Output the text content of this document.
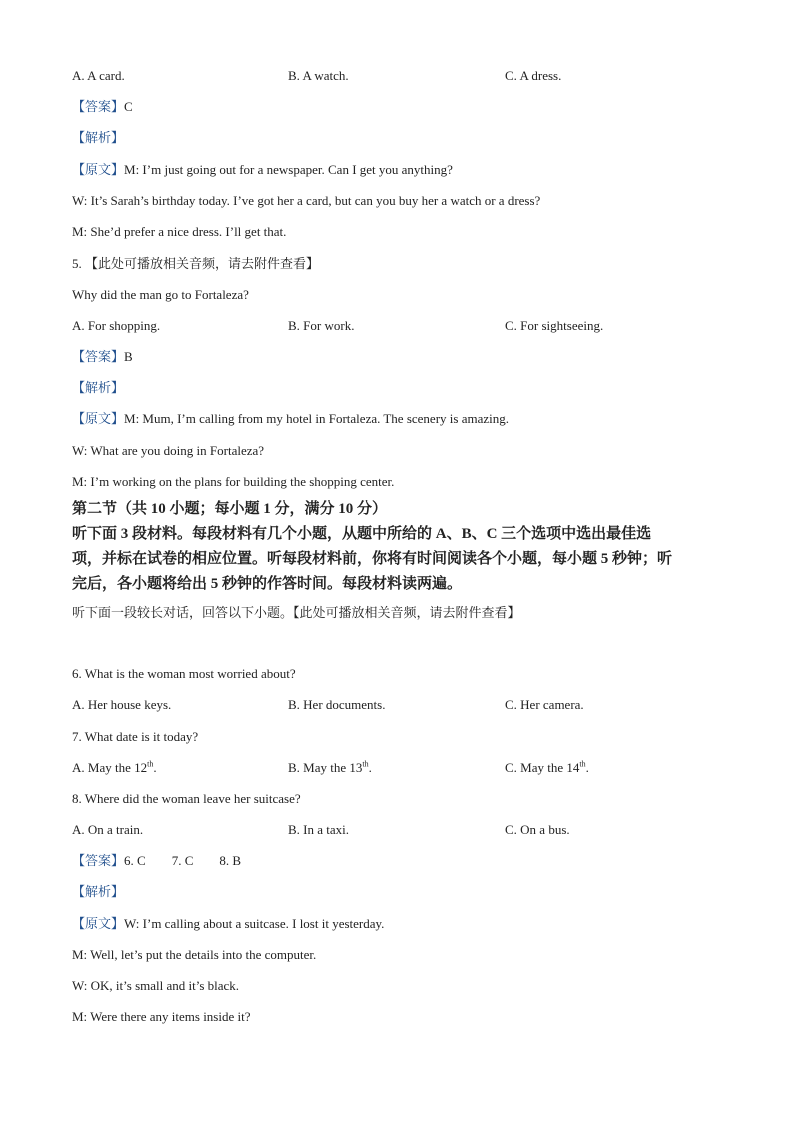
A. A card.	B. A watch.	C. A dress.
【答案】C
【解析】
【原文】M: I’m just going out for a newspaper. Can I get you anything?
W: It’s Sarah’s birthday today. I’ve got her a card, but can you buy her a watch or a dress?
M: She’d prefer a nice dress. I’ll get that.
5. 【此处可播放相关音频，请去附件查看】
Why did the man go to Fortaleza?
A. For shopping.	B. For work.	C. For sightseeing.
【答案】B
【解析】
【原文】M: Mum, I’m calling from my hotel in Fortaleza. The scenery is amazing.
W: What are you doing in Fortaleza?
M: I’m working on the plans for building the shopping center.
第二节（共 10 小题；每小题 1 分，满分 10 分）
听下面 3 段材料。每段材料有几个小题，从题中所给的 A、B、C 三个选项中选出最佳选
项，并标在试卷的相应位置。听每段材料前，你将有时间阅读各个小题，每小题 5 秒钟；听
完后，各小题将给出 5 秒钟的作答时间。每段材料读两遍。
听下面一段较长对话，回答以下小题。【此处可播放相关音频，请去附件查看】
6. What is the woman most worried about?
A. Her house keys.	B. Her documents.	C. Her camera.
7. What date is it today?
A. May the 12th.	B. May the 13th.	C. May the 14th.
8. Where did the woman leave her suitcase?
A. On a train.	B. In a taxi.	C. On a bus.
【答案】6. C 7. C 8. B
【解析】
【原文】W: I’m calling about a suitcase. I lost it yesterday.
M: Well, let’s put the details into the computer.
W: OK, it’s small and it’s black.
M: Were there any items inside it?
